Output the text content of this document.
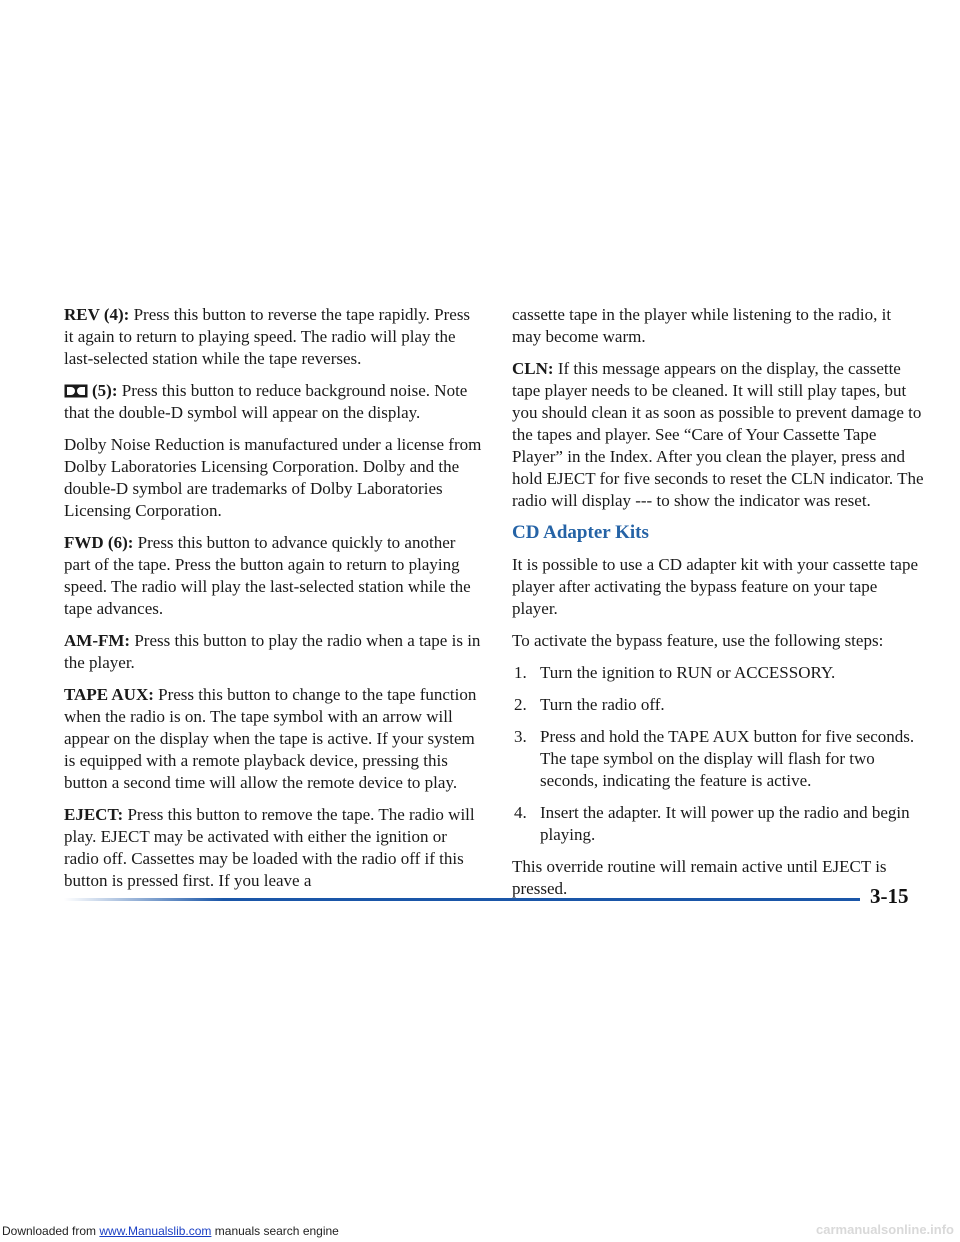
REV (4): Press this button to reverse the tape rapidly. Press it again to return to playing speed. The radio will play the last-selected station while the tape reverses.

(5): Press this button to reduce background noise. Note that the double-D symbol will appear on the display.

Dolby Noise Reduction is manufactured under a license from Dolby Laboratories Licensing Corporation. Dolby and the double-D symbol are trademarks of Dolby Laboratories Licensing Corporation.

FWD (6): Press this button to advance quickly to another part of the tape. Press the button again to return to playing speed. The radio will play the last-selected station while the tape advances.

AM-FM: Press this button to play the radio when a tape is in the player.

TAPE AUX: Press this button to change to the tape function when the radio is on. The tape symbol with an arrow will appear on the display when the tape is active. If your system is equipped with a remote playback device, pressing this button a second time will allow the remote device to play.

EJECT: Press this button to remove the tape. The radio will play. EJECT may be activated with either the ignition or radio off. Cassettes may be loaded with the radio off if this button is pressed first. If you leave a

cassette tape in the player while listening to the radio, it may become warm.

CLN: If this message appears on the display, the cassette tape player needs to be cleaned. It will still play tapes, but you should clean it as soon as possible to prevent damage to the tapes and player. See “Care of Your Cassette Tape Player” in the Index. After you clean the player, press and hold EJECT for five seconds to reset the CLN indicator. The radio will display --- to show the indicator was reset.

CD Adapter Kits

It is possible to use a CD adapter kit with your cassette tape player after activating the bypass feature on your tape player.

To activate the bypass feature, use the following steps:

1. Turn the ignition to RUN or ACCESSORY.
2. Turn the radio off.
3. Press and hold the TAPE AUX button for five seconds. The tape symbol on the display will flash for two seconds, indicating the feature is active.
4. Insert the adapter. It will power up the radio and begin playing.

This override routine will remain active until EJECT is pressed.	3-15
Downloaded from www.Manualslib.com manuals search engine	carmanualsonline.info
